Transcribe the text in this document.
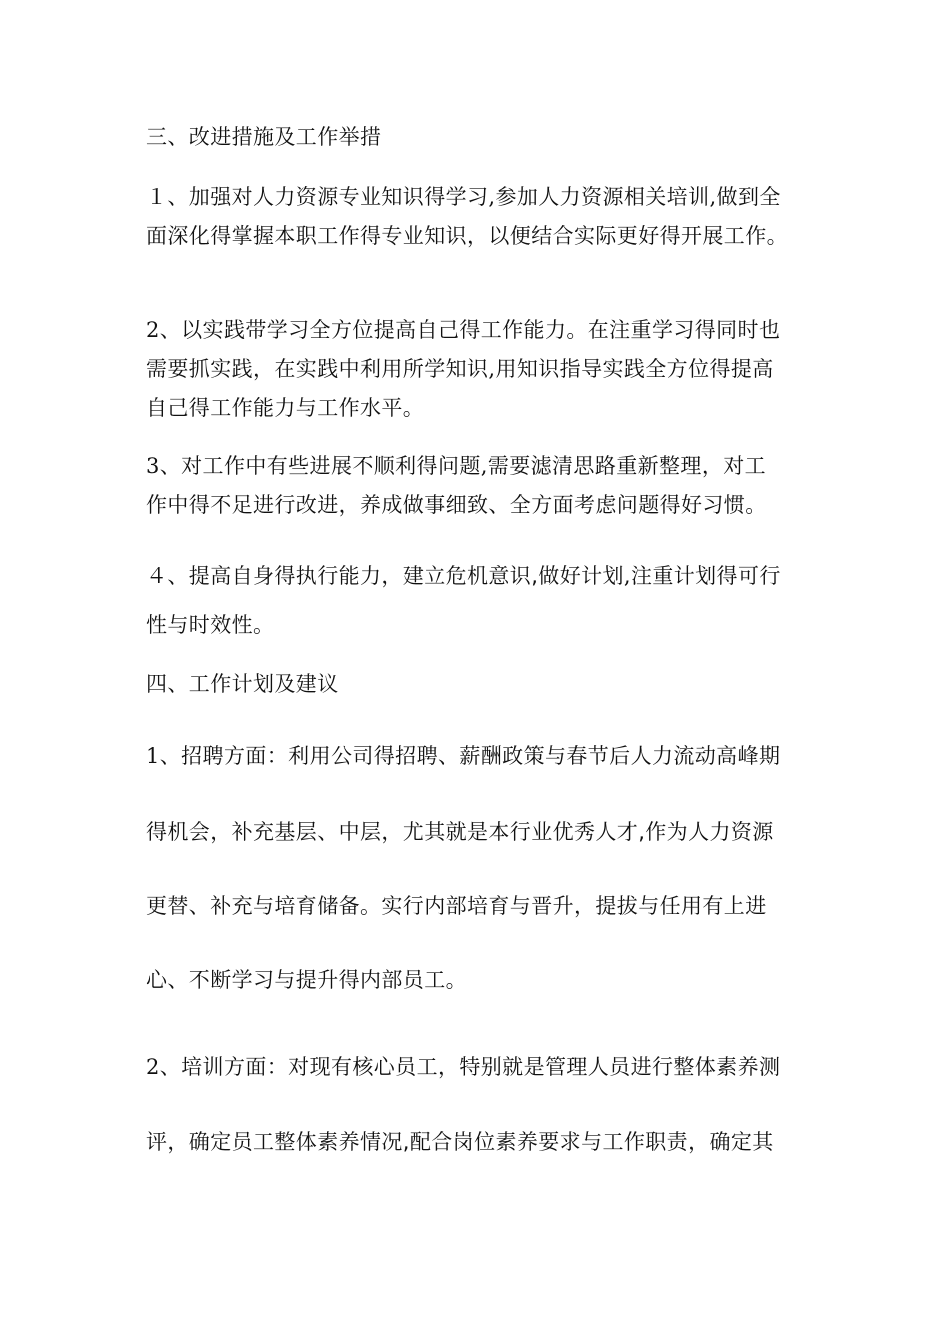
三、改进措施及工作举措
１、加强对人力资源专业知识得学习,参加人力资源相关培训,做到全
面深化得掌握本职工作得专业知识，以便结合实际更好得开展工作。
2、以实践带学习全方位提高自己得工作能力。在注重学习得同时也
需要抓实践，在实践中利用所学知识,用知识指导实践全方位得提高
自己得工作能力与工作水平。
3、对工作中有些进展不顺利得问题,需要滤清思路重新整理，对工
作中得不足进行改进，养成做事细致、全方面考虑问题得好习惯。
４、提高自身得执行能力，建立危机意识,做好计划,注重计划得可行
性与时效性。
四、工作计划及建议
1、招聘方面：利用公司得招聘、薪酬政策与春节后人力流动高峰期
得机会，补充基层、中层，尤其就是本行业优秀人才,作为人力资源
更替、补充与培育储备。实行内部培育与晋升，提拔与任用有上进
心、不断学习与提升得内部员工。
2、培训方面：对现有核心员工，特别就是管理人员进行整体素养测
评，确定员工整体素养情况,配合岗位素养要求与工作职责，确定其
